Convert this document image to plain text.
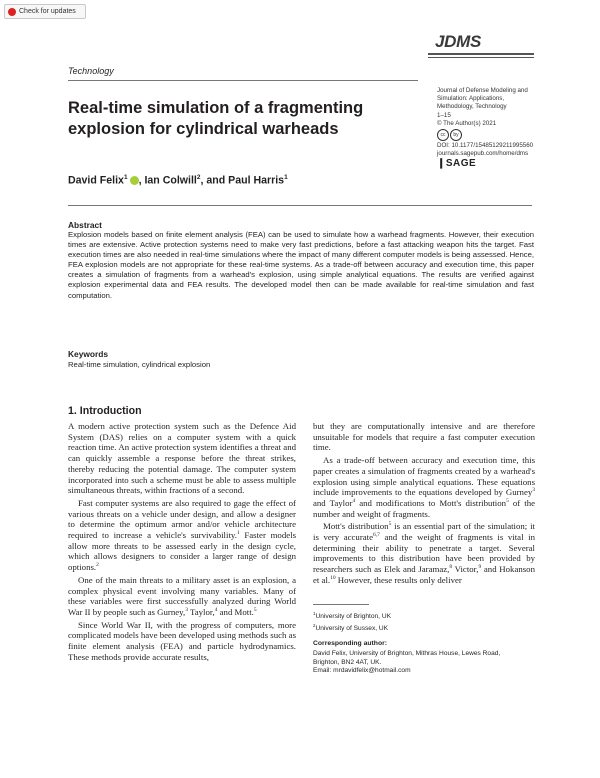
Check for updates
JDMS
Technology
Journal of Defense Modeling and
Simulation: Applications,
Methodology, Technology
1–15
© The Author(s) 2021
cc	by
DOI: 10.1177/15485129211995560
journals.sagepub.com/home/dms
❙SAGE
Real-time simulation of a fragmenting explosion for cylindrical warheads
David Felix$^1$ , Ian Colwill$^2$, and Paul Harris$^1$
Abstract
Explosion models based on finite element analysis (FEA) can be used to simulate how a warhead fragments. However, their execution times are extensive. Active protection systems need to make very fast predictions, before a fast attacking weapon hits the target. Fast execution times are also needed in real-time simulations where the impact of many different computer models is being assessed. Hence, FEA explosion models are not appropriate for these real-time systems. As a trade-off between accuracy and execution time, this paper creates a simulation of fragments from a warhead's explosion, using simple analytical equations. The results are verified against explosion experimental data and FEA results. The developed model then can be made available for real-time simulation and fast computation.
Keywords
Real-time simulation, cylindrical explosion
1. Introduction

A modern active protection system such as the Defence Aid System (DAS) relies on a computer system with a quick reaction time. An active protection system identifies a threat and can quickly assemble a response before the threat strikes, thereby reducing the potential damage. The computer system incorporated into such a scheme must be able to assess multiple simultaneous threats, within fractions of a second.

Fast computer systems are also required to gage the effect of various threats on a vehicle under design, and allow a designer to determine the optimum armor and/or vehicle architecture required to increase a vehicle's survivability.$^1$ Faster models allow more threats to be assessed early in the design cycle, which allows designers to consider a larger range of design options.$^2$

One of the main threats to a military asset is an explosion, a complex physical event involving many variables. Many of these variables were first successfully analyzed during World War II by people such as Gurney,$^3$ Taylor,$^4$ and Mott.$^5$

Since World War II, with the progress of computers, more complicated models have been developed using methods such as finite element analysis (FEA) and particle hydrodynamics. These methods provide accurate results,

but they are computationally intensive and are therefore unsuitable for models that require a fast computer execution time.

As a trade-off between accuracy and execution time, this paper creates a simulation of fragments created by a warhead's explosion using simple analytical equations. These equations include improvements to the equations developed by Gurney$^3$ and Taylor$^4$ and modifications to Mott's distribution$^5$ of the number and weight of fragments.

Mott's distribution$^5$ is an essential part of the simulation; it is very accurate$^{6,7}$ and the weight of fragments is vital in determining their ability to penetrate a target. Several improvements to this distribution have been provided by researchers such as Elek and Jaramaz,$^8$ Victor,$^9$ and Hokanson et al.$^{10}$ However, these results only deliver

$^1$University of Brighton, UK
$^2$University of Sussex, UK
Corresponding author:
David Felix, University of Brighton, Mithras House, Lewes Road,
Brighton, BN2 4AT, UK.
Email: mrdavidfelix@hotmail.com
